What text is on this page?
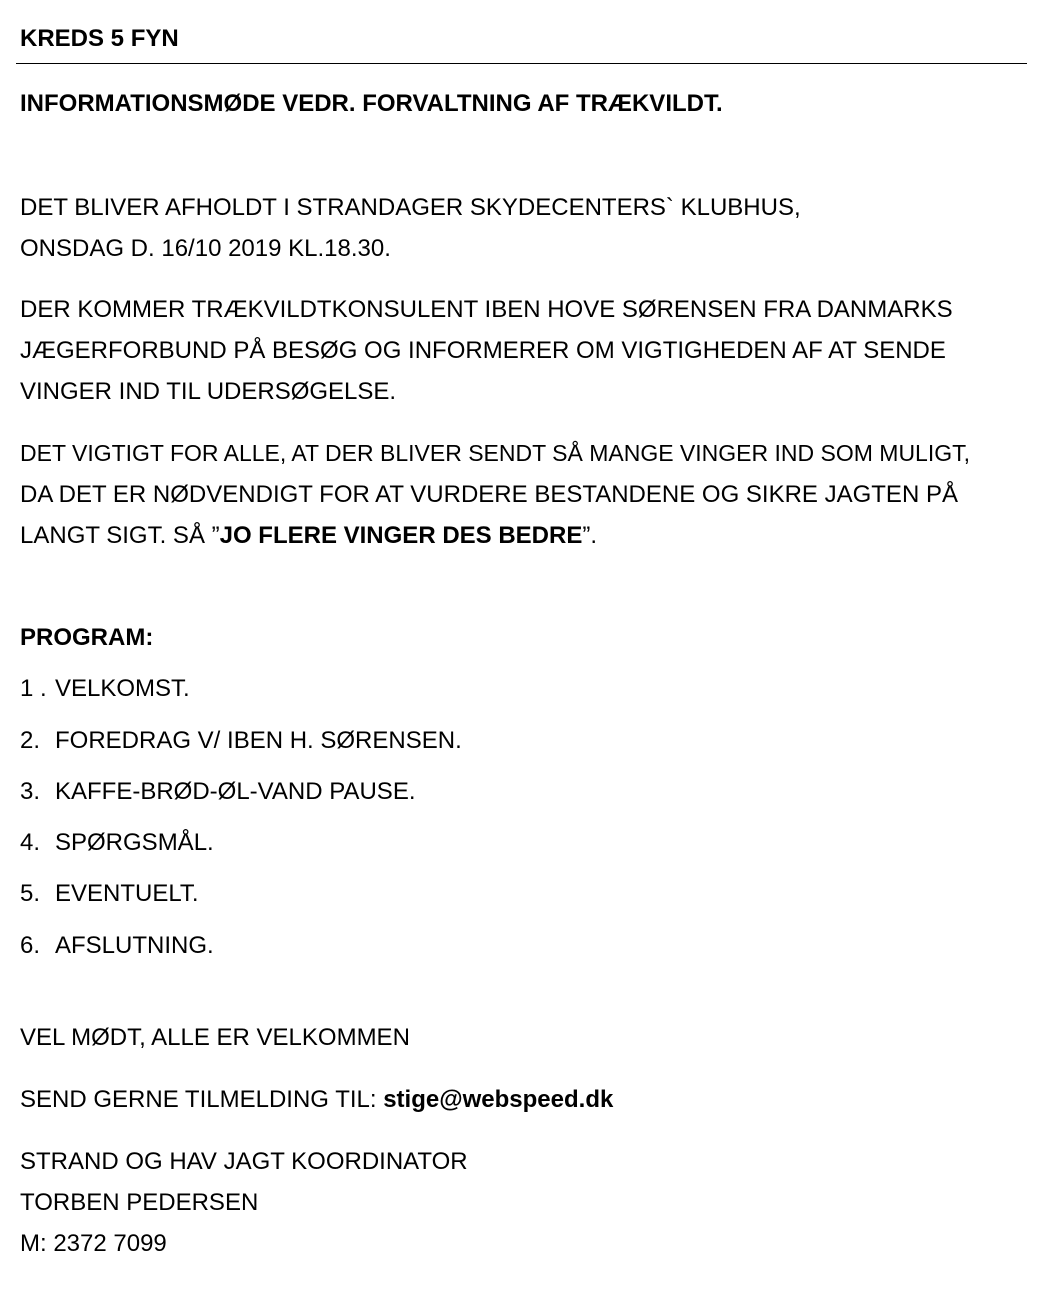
KREDS 5 FYN
INFORMATIONSMØDE VEDR. FORVALTNING AF TRÆKVILDT.
DET BLIVER AFHOLDT I STRANDAGER SKYDECENTERS` KLUBHUS,
ONSDAG D. 16/10 2019 KL.18.30.
DER KOMMER TRÆKVILDTKONSULENT IBEN HOVE SØRENSEN FRA DANMARKS
JÆGERFORBUND PÅ BESØG OG INFORMERER OM VIGTIGHEDEN AF AT SENDE
VINGER IND TIL UDERSØGELSE.
DET VIGTIGT FOR ALLE, AT DER BLIVER SENDT SÅ MANGE VINGER IND SOM MULIGT,
DA DET ER NØDVENDIGT FOR AT VURDERE BESTANDENE OG SIKRE JAGTEN PÅ
LANGT SIGT. SÅ ”JO FLERE VINGER DES BEDRE”.
PROGRAM:
1 . VELKOMST.
2. FOREDRAG V/ IBEN H. SØRENSEN.
3. KAFFE-BRØD-ØL-VAND PAUSE.
4. SPØRGSMÅL.
5. EVENTUELT.
6. AFSLUTNING.
VEL MØDT, ALLE ER VELKOMMEN
SEND GERNE TILMELDING TIL: stige@webspeed.dk
STRAND OG HAV JAGT KOORDINATOR
TORBEN PEDERSEN
M: 2372 7099
